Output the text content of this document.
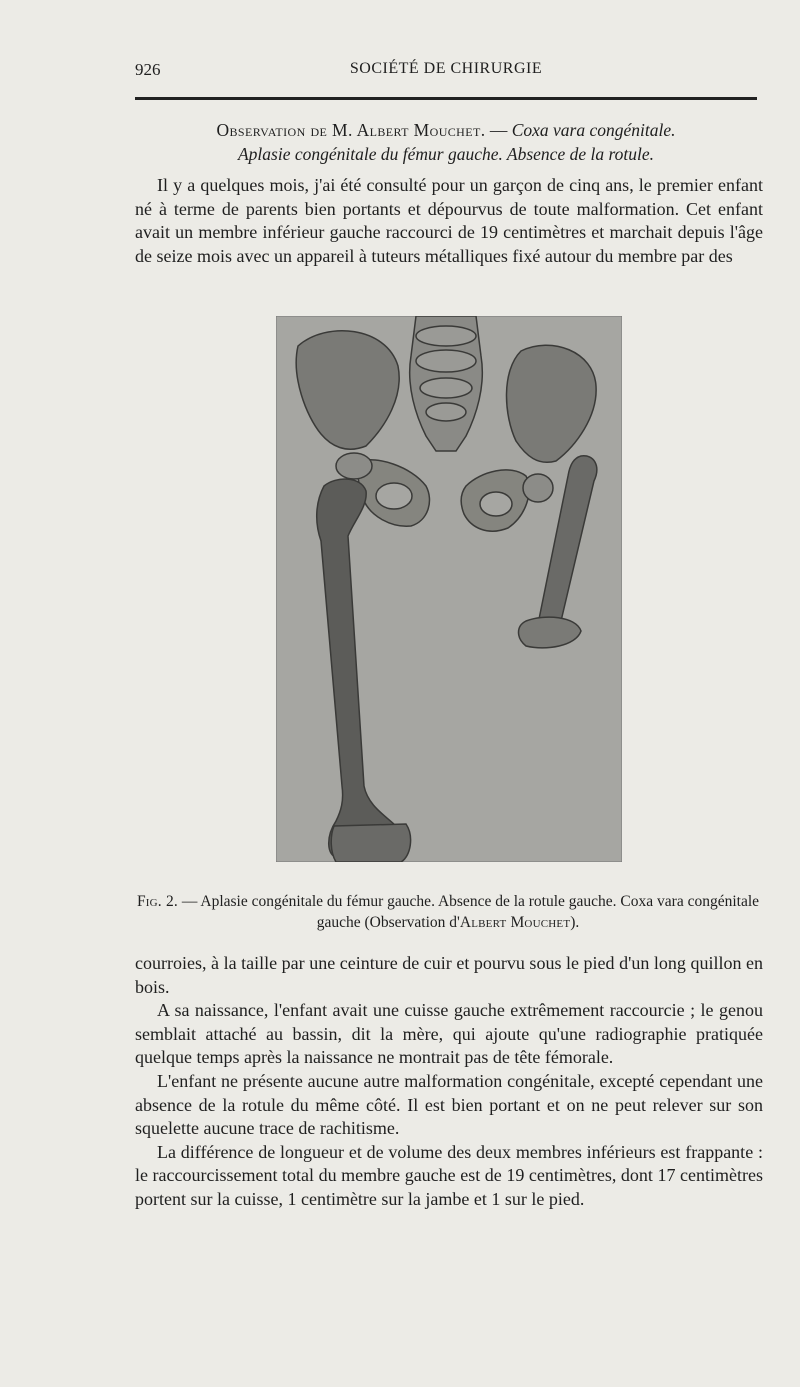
926	SOCIÉTÉ DE CHIRURGIE
Observation de M. Albert Mouchet. — Coxa vara congénitale.
Aplasie congénitale du fémur gauche. Absence de la rotule.

Il y a quelques mois, j'ai été consulté pour un garçon de cinq ans, le premier enfant né à terme de parents bien portants et dépourvus de toute malformation. Cet enfant avait un membre inférieur gauche raccourci de 19 centimètres et marchait depuis l'âge de seize mois avec un appareil à tuteurs métalliques fixé autour du membre par des

Fig. 2. — Aplasie congénitale du fémur gauche. Absence de la rotule gauche. Coxa vara congénitale gauche (Observation d'Albert Mouchet).

courroies, à la taille par une ceinture de cuir et pourvu sous le pied d'un long quillon en bois.

A sa naissance, l'enfant avait une cuisse gauche extrêmement raccourcie ; le genou semblait attaché au bassin, dit la mère, qui ajoute qu'une radiographie pratiquée quelque temps après la naissance ne montrait pas de tête fémorale.

L'enfant ne présente aucune autre malformation congénitale, excepté cependant une absence de la rotule du même côté. Il est bien portant et on ne peut relever sur son squelette aucune trace de rachitisme.

La différence de longueur et de volume des deux membres inférieurs est frappante : le raccourcissement total du membre gauche est de 19 centimètres, dont 17 centimètres portent sur la cuisse, 1 centimètre sur la jambe et 1 sur le pied.
